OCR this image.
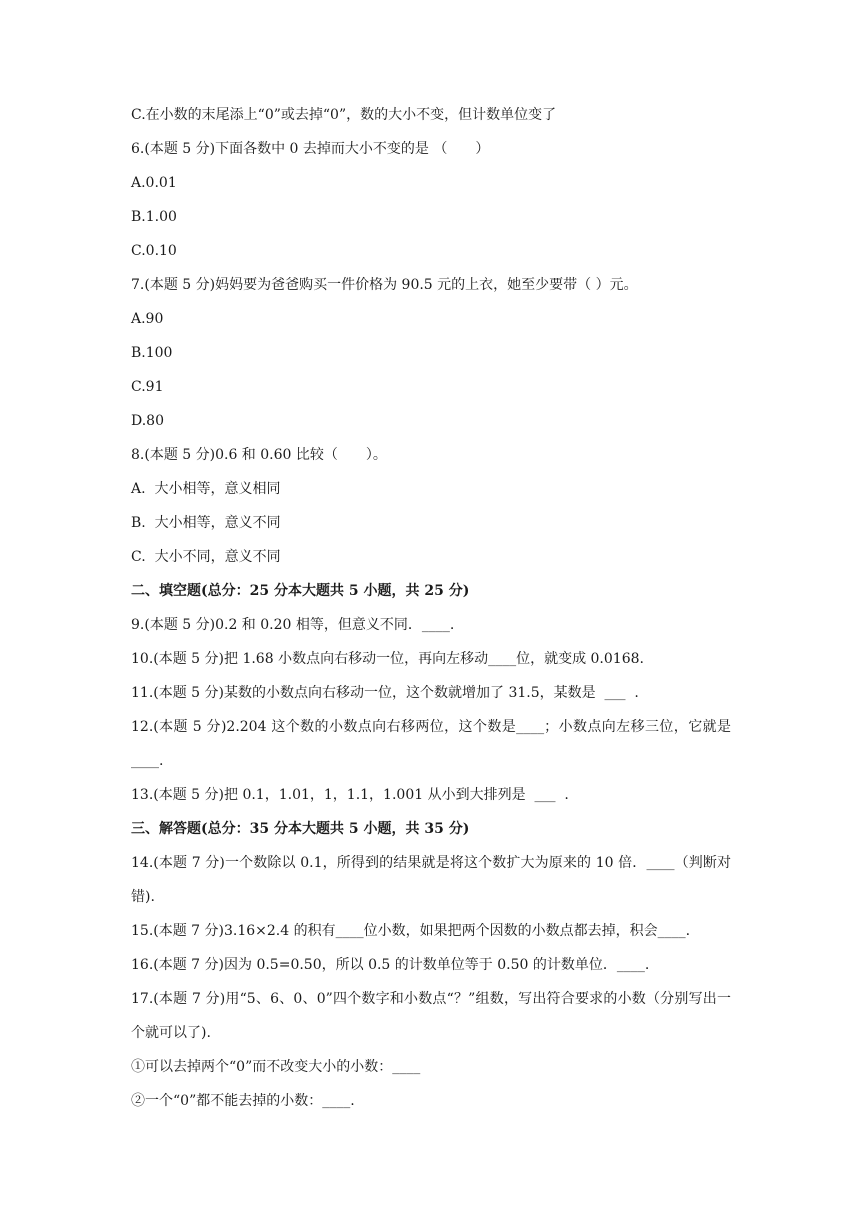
C.在小数的末尾添上“0”或去掉“0”，数的大小不变，但计数单位变了
6.(本题 5 分)下面各数中 0 去掉而大小不变的是 （　　）
A.0.01
B.1.00
C.0.10
7.(本题 5 分)妈妈要为爸爸购买一件价格为 90.5 元的上衣，她至少要带（ ）元。
A.90
B.100
C.91
D.80
8.(本题 5 分)0.6 和 0.60 比较（　　）。
A.  大小相等，意义相同
B.  大小相等，意义不同
C.  大小不同，意义不同
二、填空题(总分：25 分本大题共 5 小题，共 25 分)
9.(本题 5 分)0.2 和 0.20 相等，但意义不同．____.
10.(本题 5 分)把 1.68 小数点向右移动一位，再向左移动____位，就变成 0.0168.
11.(本题 5 分)某数的小数点向右移动一位，这个数就增加了 31.5，某数是  ___  .
12.(本题 5 分)2.204 这个数的小数点向右移两位，这个数是____；小数点向左移三位，它就是____.
13.(本题 5 分)把 0.1，1.01，1，1.1，1.001 从小到大排列是  ___  .
三、解答题(总分：35 分本大题共 5 小题，共 35 分)
14.(本题 7 分)一个数除以 0.1，所得到的结果就是将这个数扩大为原来的 10 倍．____（判断对错).
15.(本题 7 分)3.16×2.4 的积有____位小数，如果把两个因数的小数点都去掉，积会____.
16.(本题 7 分)因为 0.5=0.50，所以 0.5 的计数单位等于 0.50 的计数单位．____.
17.(本题 7 分)用“5、6、0、0”四个数字和小数点“？”组数，写出符合要求的小数（分别写出一个就可以了).
①可以去掉两个“0”而不改变大小的小数：____
②一个“0”都不能去掉的小数：____.
